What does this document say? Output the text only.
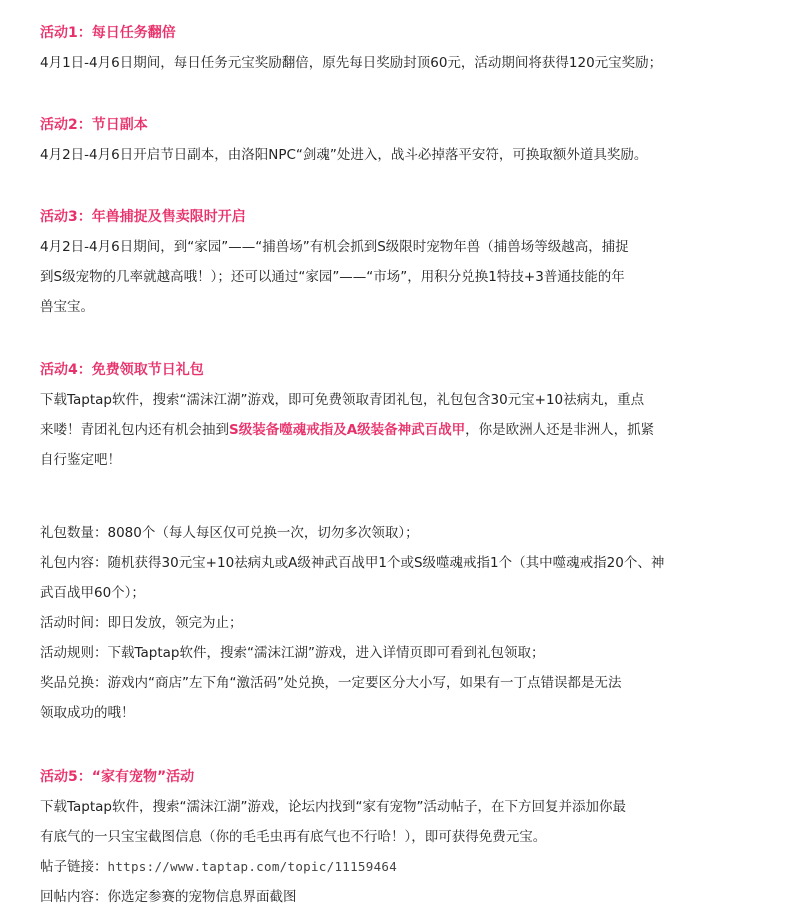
活动1：每日任务翻倍
4月1日-4月6日期间，每日任务元宝奖励翻倍，原先每日奖励封顶60元，活动期间将获得120元宝奖励；
活动2：节日副本
4月2日-4月6日开启节日副本，由洛阳NPC“剑魂”处进入，战斗必掉落平安符，可换取额外道具奖励。
活动3：年兽捕捉及售卖限时开启
4月2日-4月6日期间，到“家园”——“捕兽场”有机会抓到S级限时宠物年兽（捕兽场等级越高，捕捉
到S级宠物的几率就越高哦！）；还可以通过“家园”——“市场”，用积分兑换1特技+3普通技能的年
兽宝宝。
活动4：免费领取节日礼包
下载Taptap软件，搜索“濡沫江湖”游戏，即可免费领取青团礼包，礼包包含30元宝+10祛病丸，重点
来喽！青团礼包内还有机会抽到S级装备噬魂戒指及A级装备神武百战甲，你是欧洲人还是非洲人，抓紧
自行鉴定吧！
礼包数量：8080个（每人每区仅可兑换一次，切勿多次领取）；
礼包内容：随机获得30元宝+10祛病丸或A级神武百战甲1个或S级噬魂戒指1个（其中噬魂戒指20个、神
武百战甲60个）；
活动时间：即日发放，领完为止；
活动规则：下载Taptap软件，搜索“濡沫江湖”游戏，进入详情页即可看到礼包领取；
奖品兑换：游戏内“商店”左下角“激活码”处兑换，一定要区分大小写，如果有一丁点错误都是无法
领取成功的哦！
活动5：“家有宠物”活动
下载Taptap软件，搜索“濡沫江湖”游戏，论坛内找到“家有宠物”活动帖子，在下方回复并添加你最
有底气的一只宝宝截图信息（你的毛毛虫再有底气也不行哈！），即可获得免费元宝。
帖子链接：https://www.taptap.com/topic/11159464
回帖内容：你选定参赛的宠物信息界面截图
